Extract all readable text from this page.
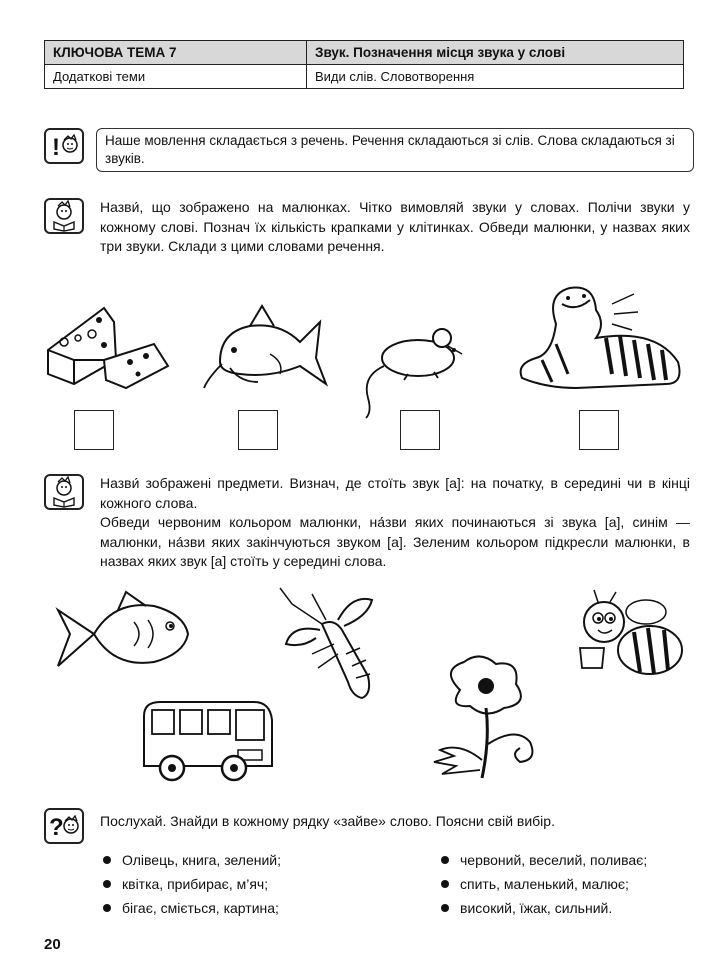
КЛЮЧОВА ТЕМА 7	Звук. Позначення місця звука у слові
Додаткові теми	Види слів. Словотворення
!	Наше мовлення складається з речень. Речення складаються зі слів. Слова складаються зі звуків.

Назви́, що зображено на малюнках. Чітко вимовляй звуки у словах. Полічи звуки у кожному слові. Познач їх кількість крапками у клітинках. Обведи малюнки, у назвах яких три звуки. Склади з цими словами речення.

Назви́ зображені предмети. Визнач, де стоїть звук [а]: на початку, в середині чи в кінці кожного слова.

Обведи червоним кольором малюнки, на́зви яких починаються зі звука [а], синім — малюнки, на́зви яких закінчуються звуком [а]. Зеленим кольором підкресли малюнки, в назвах яких звук [а] стоїть у середині слова.

?	Послухай. Знайди в кожному рядку «зайве» слово. Поясни свій вибір.
Олівець, книга, зелений;
квітка, прибирає, м’яч;
бігає, сміється, картина;
червоний, веселий, поливає;
спить, маленький, малює;
високий, їжак, сильний.
20
